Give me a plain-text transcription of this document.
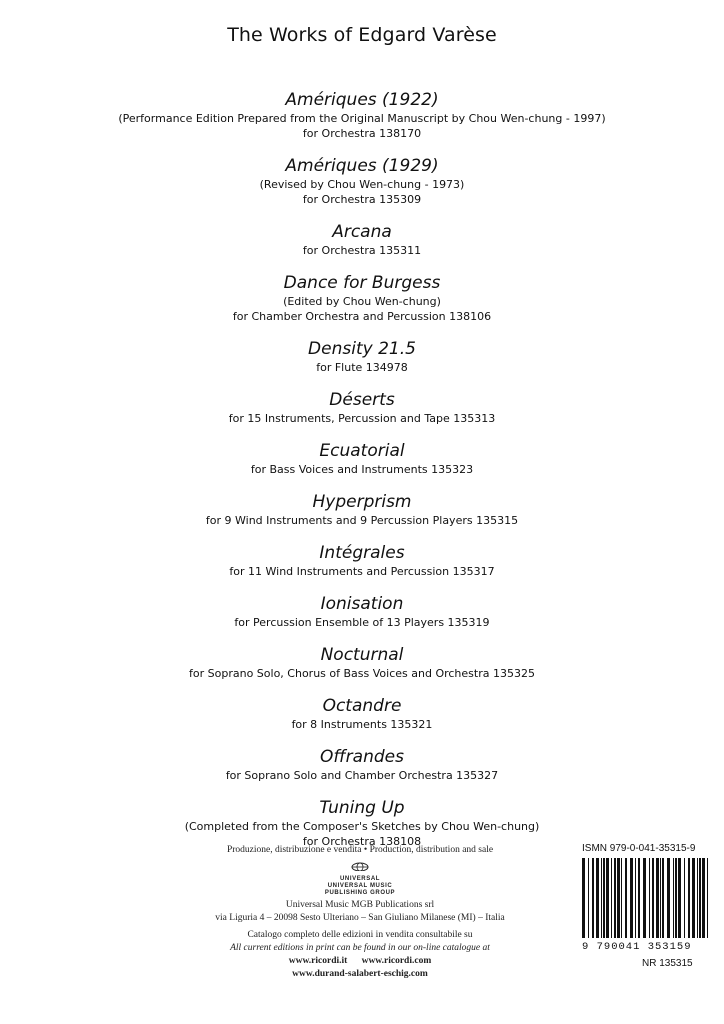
The Works of Edgard Varèse
Amériques (1922)
(Performance Edition Prepared from the Original Manuscript by Chou Wen-chung - 1997)
for Orchestra 138170
Amériques (1929)
(Revised by Chou Wen-chung - 1973)
for Orchestra 135309
Arcana
for Orchestra 135311
Dance for Burgess
(Edited by Chou Wen-chung)
for Chamber Orchestra and Percussion 138106
Density 21.5
for Flute 134978
Déserts
for 15 Instruments, Percussion and Tape 135313
Ecuatorial
for Bass Voices and Instruments 135323
Hyperprism
for 9 Wind Instruments and 9 Percussion Players 135315
Intégrales
for 11 Wind Instruments and Percussion 135317
Ionisation
for Percussion Ensemble of 13 Players 135319
Nocturnal
for Soprano Solo, Chorus of Bass Voices and Orchestra 135325
Octandre
for 8 Instruments 135321
Offrandes
for Soprano Solo and Chamber Orchestra 135327
Tuning Up
(Completed from the Composer's Sketches by Chou Wen-chung)
for Orchestra 138108
Produzione, distribuzione e vendita • Production, distribution and sale
UNIVERSAL
UNIVERSAL MUSIC
PUBLISHING GROUP
Universal Music MGB Publications srl
via Liguria 4 – 20098 Sesto Ulteriano – San Giuliano Milanese (MI) – Italia
Catalogo completo delle edizioni in vendita consultabile su
All current editions in print can be found in our on-line catalogue at
www.ricordi.it www.ricordi.com
www.durand-salabert-eschig.com
ISMN 979-0-041-35315-9
9 790041 353159
NR 135315
